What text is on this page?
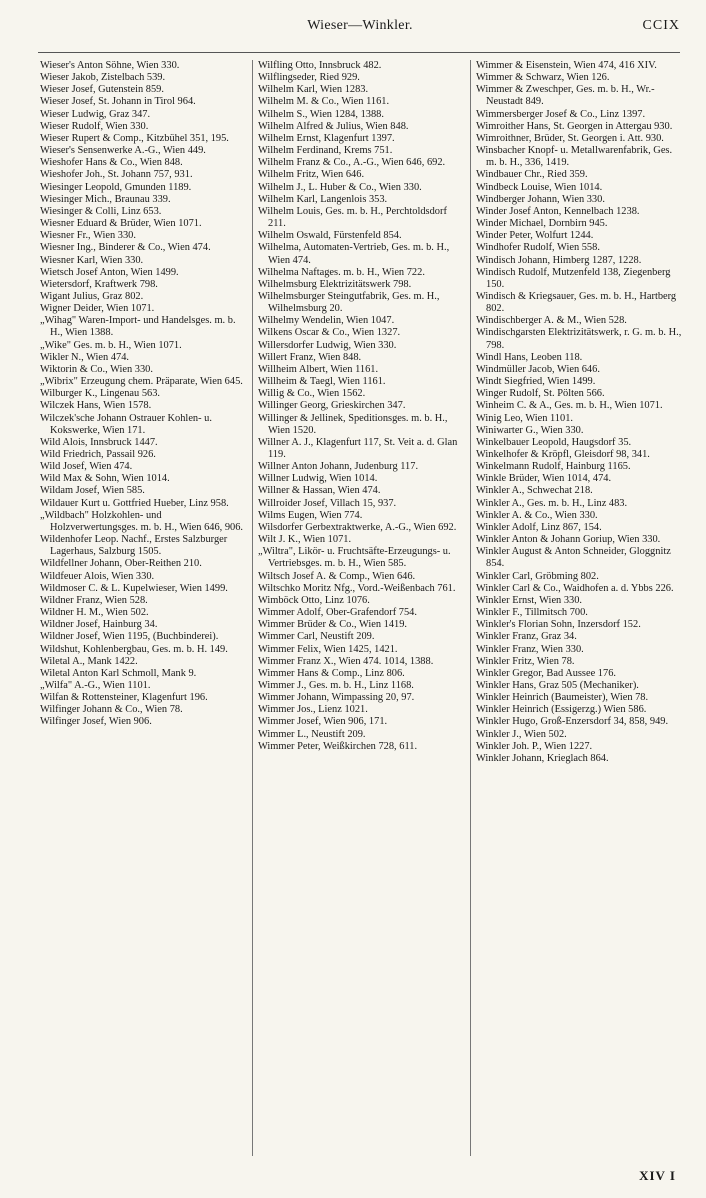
Wieser—Winkler.	CCIX

Wieser's Anton Söhne, Wien 330.

Wieser Jakob, Zistelbach 539.

Wieser Josef, Gutenstein 859.

Wieser Josef, St. Johann in Tirol 964.

Wieser Ludwig, Graz 347.

Wieser Rudolf, Wien 330.

Wieser Rupert & Comp., Kitzbühel 351, 195.

Wieser's Sensenwerke A.-G., Wien 449.

Wieshofer Hans & Co., Wien 848.

Wieshofer Joh., St. Johann 757, 931.

Wiesinger Leopold, Gmunden 1189.

Wiesinger Mich., Braunau 339.

Wiesinger & Colli, Linz 653.

Wiesner Eduard & Brüder, Wien 1071.

Wiesner Fr., Wien 330.

Wiesner Ing., Binderer & Co., Wien 474.

Wiesner Karl, Wien 330.

Wietsch Josef Anton, Wien 1499.

Wietersdorf, Kraftwerk 798.

Wigant Julius, Graz 802.

Wigner Deider, Wien 1071.

„Wihag" Waren-Import- und Handelsges. m. b. H., Wien 1388.

„Wike" Ges. m. b. H., Wien 1071.

Wikler N., Wien 474.

Wiktorin & Co., Wien 330.

„Wibrix" Erzeugung chem. Präparate, Wien 645.

Wilburger K., Lingenau 563.

Wilczek Hans, Wien 1578.

Wilczek'sche Johann Ostrauer Kohlen- u. Kokswerke, Wien 171.

Wild Alois, Innsbruck 1447.

Wild Friedrich, Passail 926.

Wild Josef, Wien 474.

Wild Max & Sohn, Wien 1014.

Wildam Josef, Wien 585.

Wildauer Kurt u. Gottfried Hueber, Linz 958.

„Wildbach" Holzkohlen- und Holzverwertungsges. m. b. H., Wien 646, 906.

Wildenhofer Leop. Nachf., Erstes Salzburger Lagerhaus, Salzburg 1505.

Wildfellner Johann, Ober-Reithen 210.

Wildfeuer Alois, Wien 330.

Wildmoser C. & L. Kupelwieser, Wien 1499.

Wildner Franz, Wien 528.

Wildner H. M., Wien 502.

Wildner Josef, Hainburg 34.

Wildner Josef, Wien 1195, (Buchbinderei).

Wildshut, Kohlenbergbau, Ges. m. b. H. 149.

Wiletal A., Mank 1422.

Wiletal Anton Karl Schmoll, Mank 9.

„Wilfa" A.-G., Wien 1101.

Wilfan & Rottensteiner, Klagenfurt 196.

Wilfinger Johann & Co., Wien 78.

Wilfinger Josef, Wien 906.

Wilfling Otto, Innsbruck 482.

Wilflingseder, Ried 929.

Wilhelm Karl, Wien 1283.

Wilhelm M. & Co., Wien 1161.

Wilhelm S., Wien 1284, 1388.

Wilhelm Alfred & Julius, Wien 848.

Wilhelm Ernst, Klagenfurt 1397.

Wilhelm Ferdinand, Krems 751.

Wilhelm Franz & Co., A.-G., Wien 646, 692.

Wilhelm Fritz, Wien 646.

Wilhelm J., L. Huber & Co., Wien 330.

Wilhelm Karl, Langenlois 353.

Wilhelm Louis, Ges. m. b. H., Perchtoldsdorf 211.

Wilhelm Oswald, Fürstenfeld 854.

Wilhelma, Automaten-Vertrieb, Ges. m. b. H., Wien 474.

Wilhelma Naftages. m. b. H., Wien 722.

Wilhelmsburg Elektrizitätswerk 798.

Wilhelmsburger Steingutfabrik, Ges. m. H., Wilhelmsburg 20.

Wilhelmy Wendelin, Wien 1047.

Wilkens Oscar & Co., Wien 1327.

Willersdorfer Ludwig, Wien 330.

Willert Franz, Wien 848.

Willheim Albert, Wien 1161.

Willheim & Taegl, Wien 1161.

Willig & Co., Wien 1562.

Willinger Georg, Grieskirchen 347.

Willinger & Jellinek, Speditionsges. m. b. H., Wien 1520.

Willner A. J., Klagenfurt 117, St. Veit a. d. Glan 119.

Willner Anton Johann, Judenburg 117.

Willner Ludwig, Wien 1014.

Willner & Hassan, Wien 474.

Willroider Josef, Villach 15, 937.

Wilms Eugen, Wien 774.

Wilsdorfer Gerbextraktwerke, A.-G., Wien 692.

Wilt J. K., Wien 1071.

„Wiltra", Likör- u. Fruchtsäfte-Erzeugungs- u. Vertriebsges. m. b. H., Wien 585.

Wiltsch Josef A. & Comp., Wien 646.

Wiltschko Moritz Nfg., Vord.-Weißenbach 761.

Wimböck Otto, Linz 1076.

Wimmer Adolf, Ober-Grafendorf 754.

Wimmer Brüder & Co., Wien 1419.

Wimmer Carl, Neustift 209.

Wimmer Felix, Wien 1425, 1421.

Wimmer Franz X., Wien 474. 1014, 1388.

Wimmer Hans & Comp., Linz 806.

Wimmer J., Ges. m. b. H., Linz 1168.

Wimmer Johann, Wimpassing 20, 97.

Wimmer Jos., Lienz 1021.

Wimmer Josef, Wien 906, 171.

Wimmer L., Neustift 209.

Wimmer Peter, Weißkirchen 728, 611.

Wimmer & Eisenstein, Wien 474, 416 XIV.

Wimmer & Schwarz, Wien 126.

Wimmer & Zweschper, Ges. m. b. H., Wr.-Neustadt 849.

Wimmersberger Josef & Co., Linz 1397.

Wimroither Hans, St. Georgen in Attergau 930.

Wimroithner, Brüder, St. Georgen i. Att. 930.

Winsbacher Knopf- u. Metallwarenfabrik, Ges. m. b. H., 336, 1419.

Windbauer Chr., Ried 359.

Windbeck Louise, Wien 1014.

Windberger Johann, Wien 330.

Winder Josef Anton, Kennelbach 1238.

Winder Michael, Dornbirn 945.

Winder Peter, Wolfurt 1244.

Windhofer Rudolf, Wien 558.

Windisch Johann, Himberg 1287, 1228.

Windisch Rudolf, Mutzenfeld 138, Ziegenberg 150.

Windisch & Kriegsauer, Ges. m. b. H., Hartberg 802.

Windischberger A. & M., Wien 528.

Windischgarsten Elektrizitätswerk, r. G. m. b. H., 798.

Windl Hans, Leoben 118.

Windmüller Jacob, Wien 646.

Windt Siegfried, Wien 1499.

Winger Rudolf, St. Pölten 566.

Winheim C. & A., Ges. m. b. H., Wien 1071.

Winig Leo, Wien 1101.

Winiwarter G., Wien 330.

Winkelbauer Leopold, Haugsdorf 35.

Winkelhofer & Kröpfl, Gleisdorf 98, 341.

Winkelmann Rudolf, Hainburg 1165.

Winkle Brüder, Wien 1014, 474.

Winkler A., Schwechat 218.

Winkler A., Ges. m. b. H., Linz 483.

Winkler A. & Co., Wien 330.

Winkler Adolf, Linz 867, 154.

Winkler Anton & Johann Goriup, Wien 330.

Winkler August & Anton Schneider, Gloggnitz 854.

Winkler Carl, Gröbming 802.

Winkler Carl & Co., Waidhofen a. d. Ybbs 226.

Winkler Ernst, Wien 330.

Winkler F., Tillmitsch 700.

Winkler's Florian Sohn, Inzersdorf 152.

Winkler Franz, Graz 34.

Winkler Franz, Wien 330.

Winkler Fritz, Wien 78.

Winkler Gregor, Bad Aussee 176.

Winkler Hans, Graz 505 (Mechaniker).

Winkler Heinrich (Baumeister), Wien 78.

Winkler Heinrich (Essigerzg.) Wien 586.

Winkler Hugo, Groß-Enzersdorf 34, 858, 949.

Winkler J., Wien 502.

Winkler Joh. P., Wien 1227.

Winkler Johann, Krieglach 864.

XIV I
